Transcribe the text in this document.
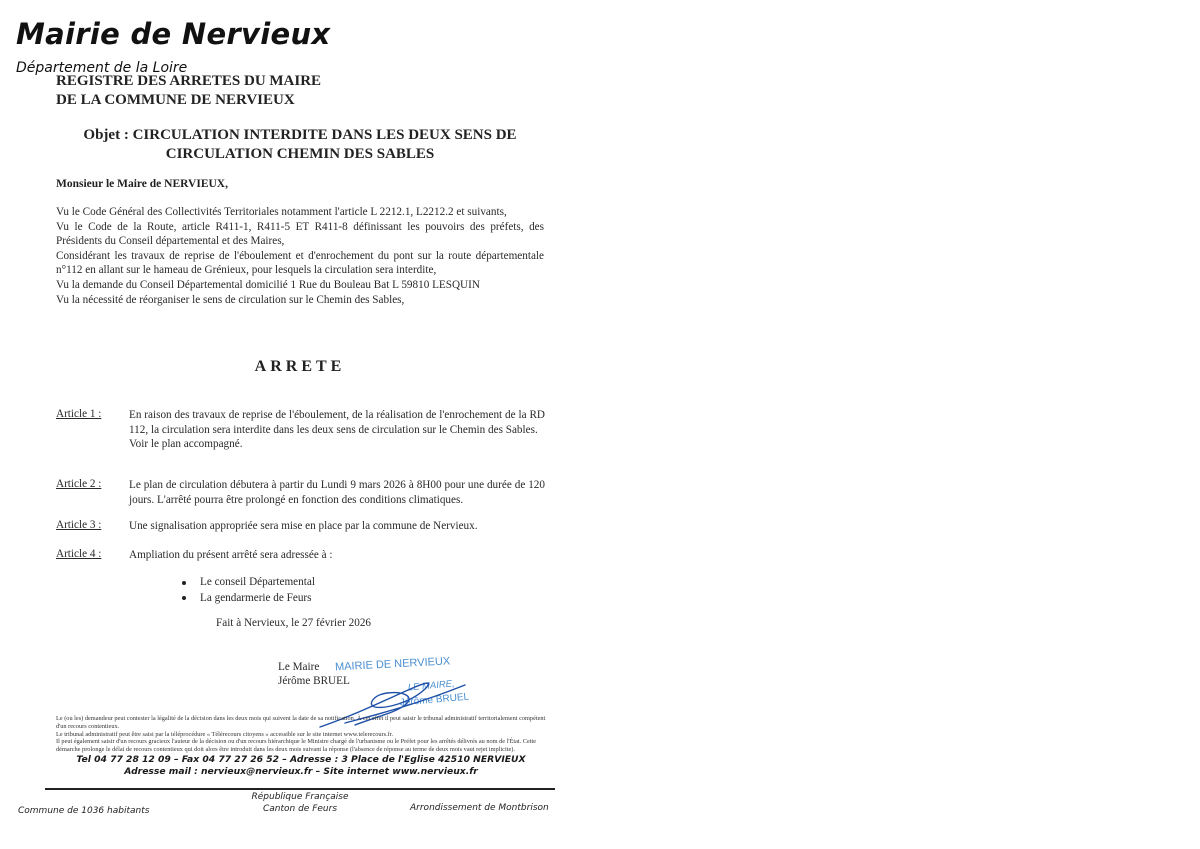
Mairie de Nervieux
Département de la Loire
REGISTRE DES ARRETES DU MAIRE
DE LA COMMUNE DE NERVIEUX
Objet : CIRCULATION INTERDITE DANS LES DEUX SENS DE
CIRCULATION CHEMIN DES SABLES
Monsieur le Maire de NERVIEUX,
Vu le Code Général des Collectivités Territoriales notamment l'article L 2212.1, L2212.2 et suivants,
Vu le Code de la Route, article R411-1, R411-5 ET R411-8 définissant les pouvoirs des préfets, des Présidents du Conseil départemental et des Maires,
Considérant les travaux de reprise de l'éboulement et d'enrochement du pont sur la route départementale n°112 en allant sur le hameau de Grénieux, pour lesquels la circulation sera interdite,
Vu la demande du Conseil Départemental domicilié 1 Rue du Bouleau Bat L 59810 LESQUIN
Vu la nécessité de réorganiser le sens de circulation sur le Chemin des Sables,
ARRETE
Article 1 : En raison des travaux de reprise de l'éboulement, de la réalisation de l'enrochement de la RD 112, la circulation sera interdite dans les deux sens de circulation sur le Chemin des Sables.
Voir le plan accompagné.
Article 2 : Le plan de circulation débutera à partir du Lundi 9 mars 2026 à 8H00 pour une durée de 120 jours. L'arrêté pourra être prolongé en fonction des conditions climatiques.
Article 3 : Une signalisation appropriée sera mise en place par la commune de Nervieux.
Article 4 : Ampliation du présent arrêté sera adressée à :
Le conseil Départemental
La gendarmerie de Feurs
Fait à Nervieux, le 27 février 2026
Le Maire
Jérôme BRUEL
MAIRIE DE NERVIEUX
LE MAIRE,
Jérôme BRUEL
Le (ou les) demandeur peut contester la légalité de la décision dans les deux mois qui suivent la date de sa notification. À cet effet il peut saisir le tribunal administratif territorialement compétent d'un recours contentieux.
Le tribunal administratif peut être saisi par la téléprocédure « Télérecours citoyens » accessible sur le site internet www.telerecours.fr.
Il peut également saisir d'un recours gracieux l'auteur de la décision ou d'un recours hiérarchique le Ministre chargé de l'urbanisme ou le Préfet pour les arrêtés délivrés au nom de l'État. Cette démarche prolonge le délai de recours contentieux qui doit alors être introduit dans les deux mois suivant la réponse (l'absence de réponse au terme de deux mois vaut rejet implicite).
Tel 04 77 28 12 09 – Fax 04 77 27 26 52 – Adresse : 3 Place de l'Eglise 42510 NERVIEUX
Adresse mail : nervieux@nervieux.fr – Site internet www.nervieux.fr
Commune de 1036 habitants
République Française
Canton de Feurs	Arrondissement de Montbrison
